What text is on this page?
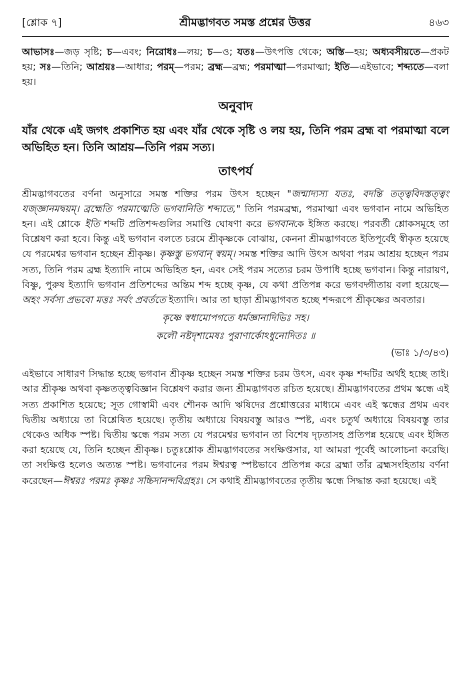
[শ্লোক ৭]	শ্রীমদ্ভাগবত সমস্ত প্রশ্নের উত্তর	৪৬৩
আভাসঃ—জড় সৃষ্টি; চ—এবং; নিরোধঃ—লয়; চ—ও; যতঃ—উৎপত্তি থেকে; অস্তি—হয়; অধ্যবসীয়তে—প্রকট হয়; সঃ—তিনি; আশ্রয়ঃ—আধার; পরম্—পরম; ব্রহ্ম—ব্রহ্ম; পরমাত্মা—পরমাত্মা; ইতি—এইভাবে; শব্দ্যতে—বলা হয়।
অনুবাদ
যাঁর থেকে এই জগৎ প্রকাশিত হয় এবং যাঁর থেকে সৃষ্টি ও লয় হয়, তিনি পরম ব্রহ্ম বা পরমাত্মা বলে অভিহিত হন। তিনি আশ্রয়—তিনি পরম সত্য।
তাৎপর্য

শ্রীমদ্ভাগবতের বর্ণনা অনুসারে সমস্ত শক্তির পরম উৎস হচ্ছেন "জন্মাদ্যস্য যতঃ, বদন্তি তত্ত্ববিদস্তত্ত্বং যজ্জ্ঞানমদ্বয়ম্। ব্রহ্মেতি পরমাত্মেতি ভগবানিতি শব্দ্যতে," তিনি পরমব্রহ্ম, পরমাত্মা এবং ভগবান নামে অভিহিত হন। এই শ্লোকে ইতি শব্দটি প্রতিশব্দগুলির সমাপ্তি ঘোষণা করে ভগবানকে ইঙ্গিত করছে। পরবর্তী শ্লোকসমূহে তা বিশ্লেষণ করা হবে। কিন্তু এই ভগবান বলতে চরমে শ্রীকৃষ্ণকে বোঝায়, কেননা শ্রীমদ্ভাগবতে ইতিপূর্বেই স্বীকৃত হয়েছে যে পরমেশ্বর ভগবান হচ্ছেন শ্রীকৃষ্ণ। কৃষ্ণস্তু ভগবান্ স্বয়ম্। সমস্ত শক্তির আদি উৎস অথবা পরম আশ্রয় হচ্ছেন পরম সত্য, তিনি পরম ব্রহ্ম ইত্যাদি নামে অভিহিত হন, এবং সেই পরম সত্যের চরম উপাধি হচ্ছে ভগবান। কিন্তু নারায়ণ, বিষ্ণু, পুরুষ ইত্যাদি ভগবান প্রতিশব্দের অন্তিম শব্দ হচ্ছে কৃষ্ণ, যে কথা প্রতিপন্ন করে ভগবদ্গীতায় বলা হয়েছে—অহং সর্বস্য প্রভবো মত্তঃ সর্বং প্রবর্ততে ইত্যাদি। আর তা ছাড়া শ্রীমদ্ভাগবত হচ্ছে শব্দরূপে শ্রীকৃষ্ণের অবতার।

কৃষ্ণে স্বধামোপগতে ধর্মজ্ঞানাদিভিঃ সহ।
কলৌ নষ্টদৃশামেষঃ পুরাণার্কোঽধুনোদিতঃ ॥
(ভাঃ ১/৩/৪৩)

এইভাবে সাধারণ সিদ্ধান্ত হচ্ছে ভগবান শ্রীকৃষ্ণ হচ্ছেন সমস্ত শক্তির চরম উৎস, এবং কৃষ্ণ শব্দটির অর্থই হচ্ছে তাই। আর শ্রীকৃষ্ণ অথবা কৃষ্ণতত্ত্ববিজ্ঞান বিশ্লেষণ করার জন্য শ্রীমদ্ভাগবত রচিত হয়েছে। শ্রীমদ্ভাগবতের প্রথম স্কন্ধে এই সত্য প্রকাশিত হয়েছে; সূত গোস্বামী এবং শৌনক আদি ঋষিদের প্রশ্নোত্তরের মাধ্যমে এবং এই স্কন্ধের প্রথম এবং দ্বিতীয় অধ্যায়ে তা বিশ্লেষিত হয়েছে। তৃতীয় অধ্যায়ে বিষয়বস্তু আরও স্পষ্ট, এবং চতুর্থ অধ্যায়ে বিষয়বস্তু তার থেকেও অধিক স্পষ্ট। দ্বিতীয় স্কন্ধে পরম সত্য যে পরমেশ্বর ভগবান তা বিশেষ দৃঢ়তাসহ প্রতিপন্ন হয়েছে এবং ইঙ্গিত করা হয়েছে যে, তিনি হচ্ছেন শ্রীকৃষ্ণ। চতুঃশ্লোক শ্রীমদ্ভাগবতের সংক্ষিপ্তসার, যা আমরা পূর্বেই আলোচনা করেছি। তা সংক্ষিপ্ত হলেও অত্যন্ত স্পষ্ট। ভগবানের পরম ঈশ্বরত্ব স্পষ্টভাবে প্রতিপন্ন করে ব্রহ্মা তাঁর ব্রহ্মসংহিতায় বর্ণনা করেছেন—ঈশ্বরঃ পরমঃ কৃষ্ণঃ সচ্চিদানন্দবিগ্রহঃ। সে কথাই শ্রীমদ্ভাগবতের তৃতীয় স্কন্ধে সিদ্ধান্ত করা হয়েছে। এই
